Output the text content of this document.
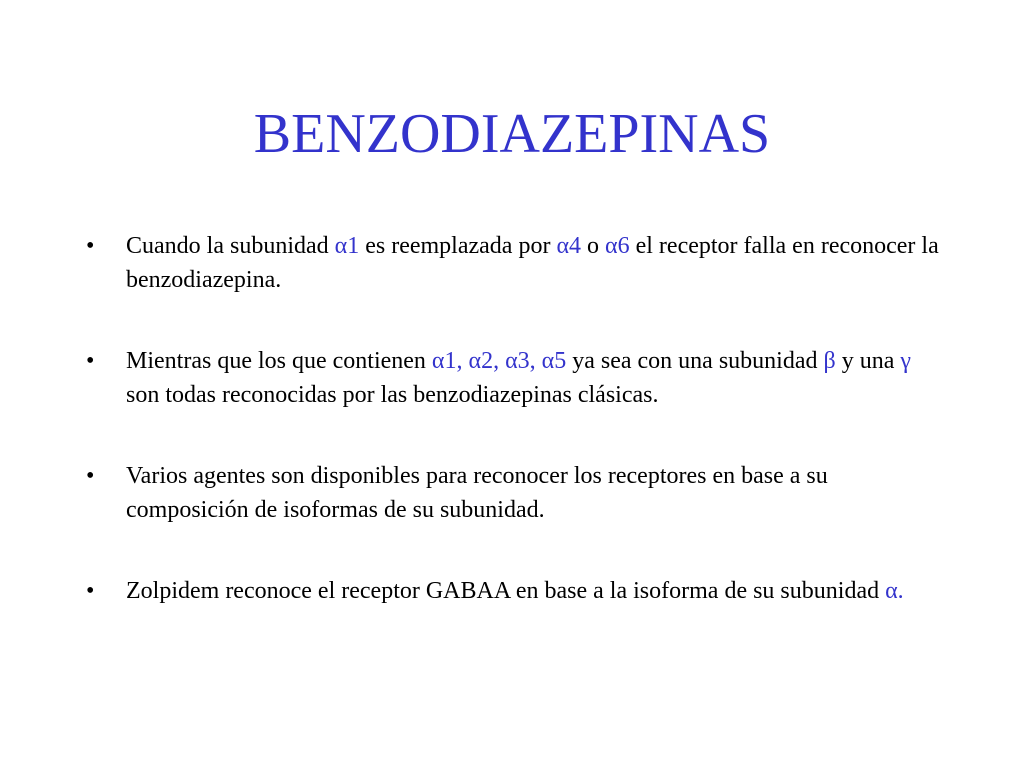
BENZODIAZEPINAS
•	Cuando la subunidad α1 es reemplazada por α4 o α6 el receptor falla en reconocer la benzodiazepina.
•	Mientras que los que contienen α1, α2, α3, α5 ya sea con una subunidad β y una γ son todas reconocidas por las benzodiazepinas clásicas.
•	Varios agentes son disponibles para reconocer los receptores en base a su composición de isoformas de su subunidad.
•	Zolpidem reconoce el receptor GABAA en base a la isoforma de su subunidad α.
